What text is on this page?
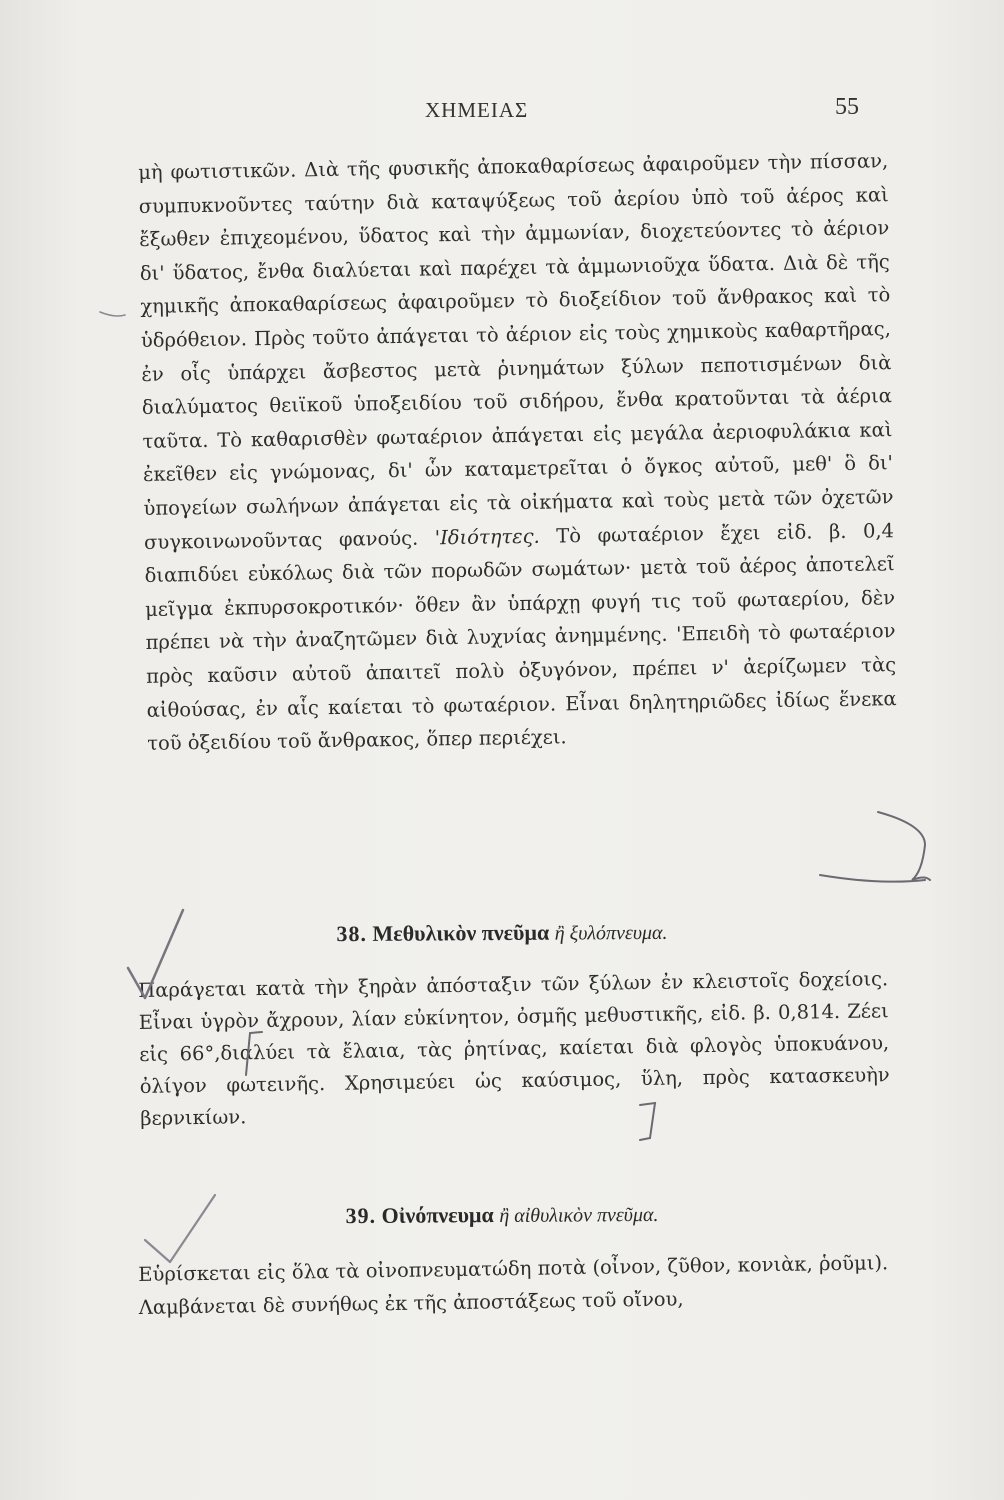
ΧΗΜΕΙΑΣ	55

μὴ φωτιστικῶν. Διὰ τῆς φυσικῆς ἀποκαθαρίσεως ἀφαιροῦμεν τὴν πίσσαν, συμπυκνοῦντες ταύτην διὰ καταψύξεως τοῦ ἀερίου ὑπὸ τοῦ ἀέρος καὶ ἔξωθεν ἐπιχεομένου, ὕδατος καὶ τὴν ἀμμωνίαν, διοχετεύοντες τὸ ἀέριον δι' ὕδατος, ἔνθα διαλύεται καὶ παρέχει τὰ ἀμμωνιοῦχα ὕδατα. Διὰ δὲ τῆς χημικῆς ἀποκαθαρίσεως ἀφαιροῦμεν τὸ διοξείδιον τοῦ ἄνθρακος καὶ τὸ ὑδρόθειον. Πρὸς τοῦτο ἀπάγεται τὸ ἀέριον εἰς τοὺς χημικοὺς καθαρτῆρας, ἐν οἷς ὑπάρχει ἄσβεστος μετὰ ῥινημάτων ξύλων πεποτισμένων διὰ διαλύματος θειϊκοῦ ὑποξειδίου τοῦ σιδήρου, ἔνθα κρατοῦνται τὰ ἀέρια ταῦτα. Τὸ καθαρισθὲν φωταέριον ἀπάγεται εἰς μεγάλα ἀεριοφυλάκια καὶ ἐκεῖθεν εἰς γνώμονας, δι' ὧν καταμετρεῖται ὁ ὄγκος αὐτοῦ, μεθ' ὃ δι' ὑπογείων σωλήνων ἀπάγεται εἰς τὰ οἰκήματα καὶ τοὺς μετὰ τῶν ὀχετῶν συγκοινωνοῦντας φανούς. 'Ιδιότητες. Τὸ φωταέριον ἔχει εἰδ. β. 0,4 διαπιδύει εὐκόλως διὰ τῶν πορωδῶν σωμάτων· μετὰ τοῦ ἀέρος ἀποτελεῖ μεῖγμα ἐκπυρσοκροτικόν· ὅθεν ἂν ὑπάρχῃ φυγή τις τοῦ φωταερίου, δὲν πρέπει νὰ τὴν ἀναζητῶμεν διὰ λυχνίας ἀνημμένης. 'Επειδὴ τὸ φωταέριον πρὸς καῦσιν αὐτοῦ ἀπαιτεῖ πολὺ ὀξυγόνον, πρέπει ν' ἀερίζωμεν τὰς αἰθούσας, ἐν αἷς καίεται τὸ φωταέριον. Εἶναι δηλητηριῶδες ἰδίως ἕνεκα τοῦ ὀξειδίου τοῦ ἄνθρακος, ὅπερ περιέχει.

38. Μεθυλικὸν πνεῦμα ἢ ξυλόπνευμα.

Παράγεται κατὰ τὴν ξηρὰν ἀπόσταξιν τῶν ξύλων ἐν κλειστοῖς δοχείοις. Εἶναι ὑγρὸν ἄχρουν, λίαν εὐκίνητον, ὀσμῆς μεθυστικῆς, εἰδ. β. 0,814. Ζέει εἰς 66°,διαλύει τὰ ἔλαια, τὰς ῥητίνας, καίεται διὰ φλογὸς ὑποκυάνου, ὀλίγον φωτεινῆς. Χρησιμεύει ὡς καύσιμος, ὕλη, πρὸς κατασκευὴν βερνικίων.

39. Οἰνόπνευμα ἢ αἰθυλικὸν πνεῦμα.

Εὑρίσκεται εἰς ὅλα τὰ οἰνοπνευματώδη ποτὰ (οἶνον, ζῦθον, κονιὰκ, ῥοῦμι). Λαμβάνεται δὲ συνήθως ἐκ τῆς ἀποστάξεως τοῦ οἴνου,
